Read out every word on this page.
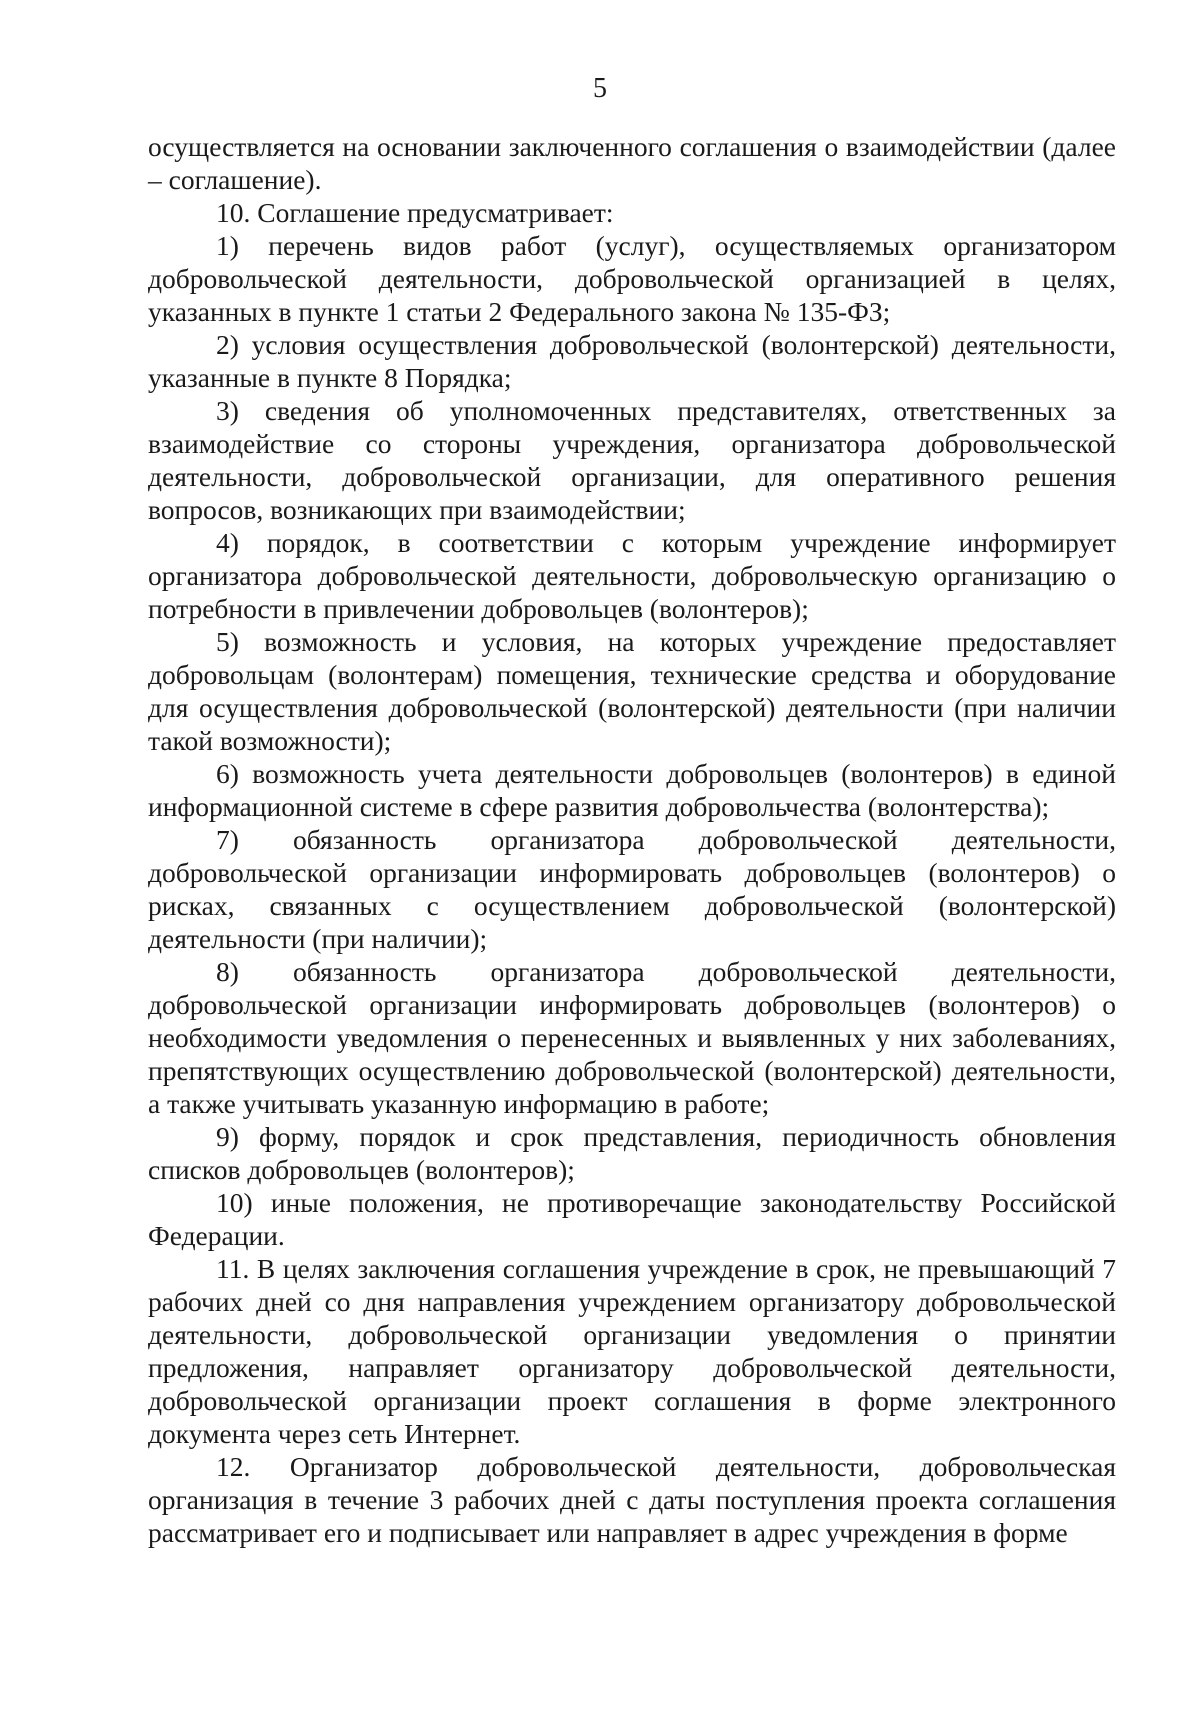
5

осуществляется на основании заключенного соглашения о взаимодействии (далее – соглашение).

10. Соглашение предусматривает:

1) перечень видов работ (услуг), осуществляемых организатором добровольческой деятельности, добровольческой организацией в целях, указанных в пункте 1 статьи 2 Федерального закона № 135-ФЗ;

2) условия осуществления добровольческой (волонтерской) деятельности, указанные в пункте 8 Порядка;

3) сведения об уполномоченных представителях, ответственных за взаимодействие со стороны учреждения, организатора добровольческой деятельности, добровольческой организации, для оперативного решения вопросов, возникающих при взаимодействии;

4) порядок, в соответствии с которым учреждение информирует организатора добровольческой деятельности, добровольческую организацию о потребности в привлечении добровольцев (волонтеров);

5) возможность и условия, на которых учреждение предоставляет добровольцам (волонтерам) помещения, технические средства и оборудование для осуществления добровольческой (волонтерской) деятельности (при наличии такой возможности);

6) возможность учета деятельности добровольцев (волонтеров) в единой информационной системе в сфере развития добровольчества (волонтерства);

7) обязанность организатора добровольческой деятельности, добровольческой организации информировать добровольцев (волонтеров) о рисках, связанных с осуществлением добровольческой (волонтерской) деятельности (при наличии);

8) обязанность организатора добровольческой деятельности, добровольческой организации информировать добровольцев (волонтеров) о необходимости уведомления о перенесенных и выявленных у них заболеваниях, препятствующих осуществлению добровольческой (волонтерской) деятельности, а также учитывать указанную информацию в работе;

9) форму, порядок и срок представления, периодичность обновления списков добровольцев (волонтеров);

10) иные положения, не противоречащие законодательству Российской Федерации.

11. В целях заключения соглашения учреждение в срок, не превышающий 7 рабочих дней со дня направления учреждением организатору добровольческой деятельности, добровольческой организации уведомления о принятии предложения, направляет организатору добровольческой деятельности, добровольческой организации проект соглашения в форме электронного документа через сеть Интернет.

12. Организатор добровольческой деятельности, добровольческая организация в течение 3 рабочих дней с даты поступления проекта соглашения рассматривает его и подписывает или направляет в адрес учреждения в форме
